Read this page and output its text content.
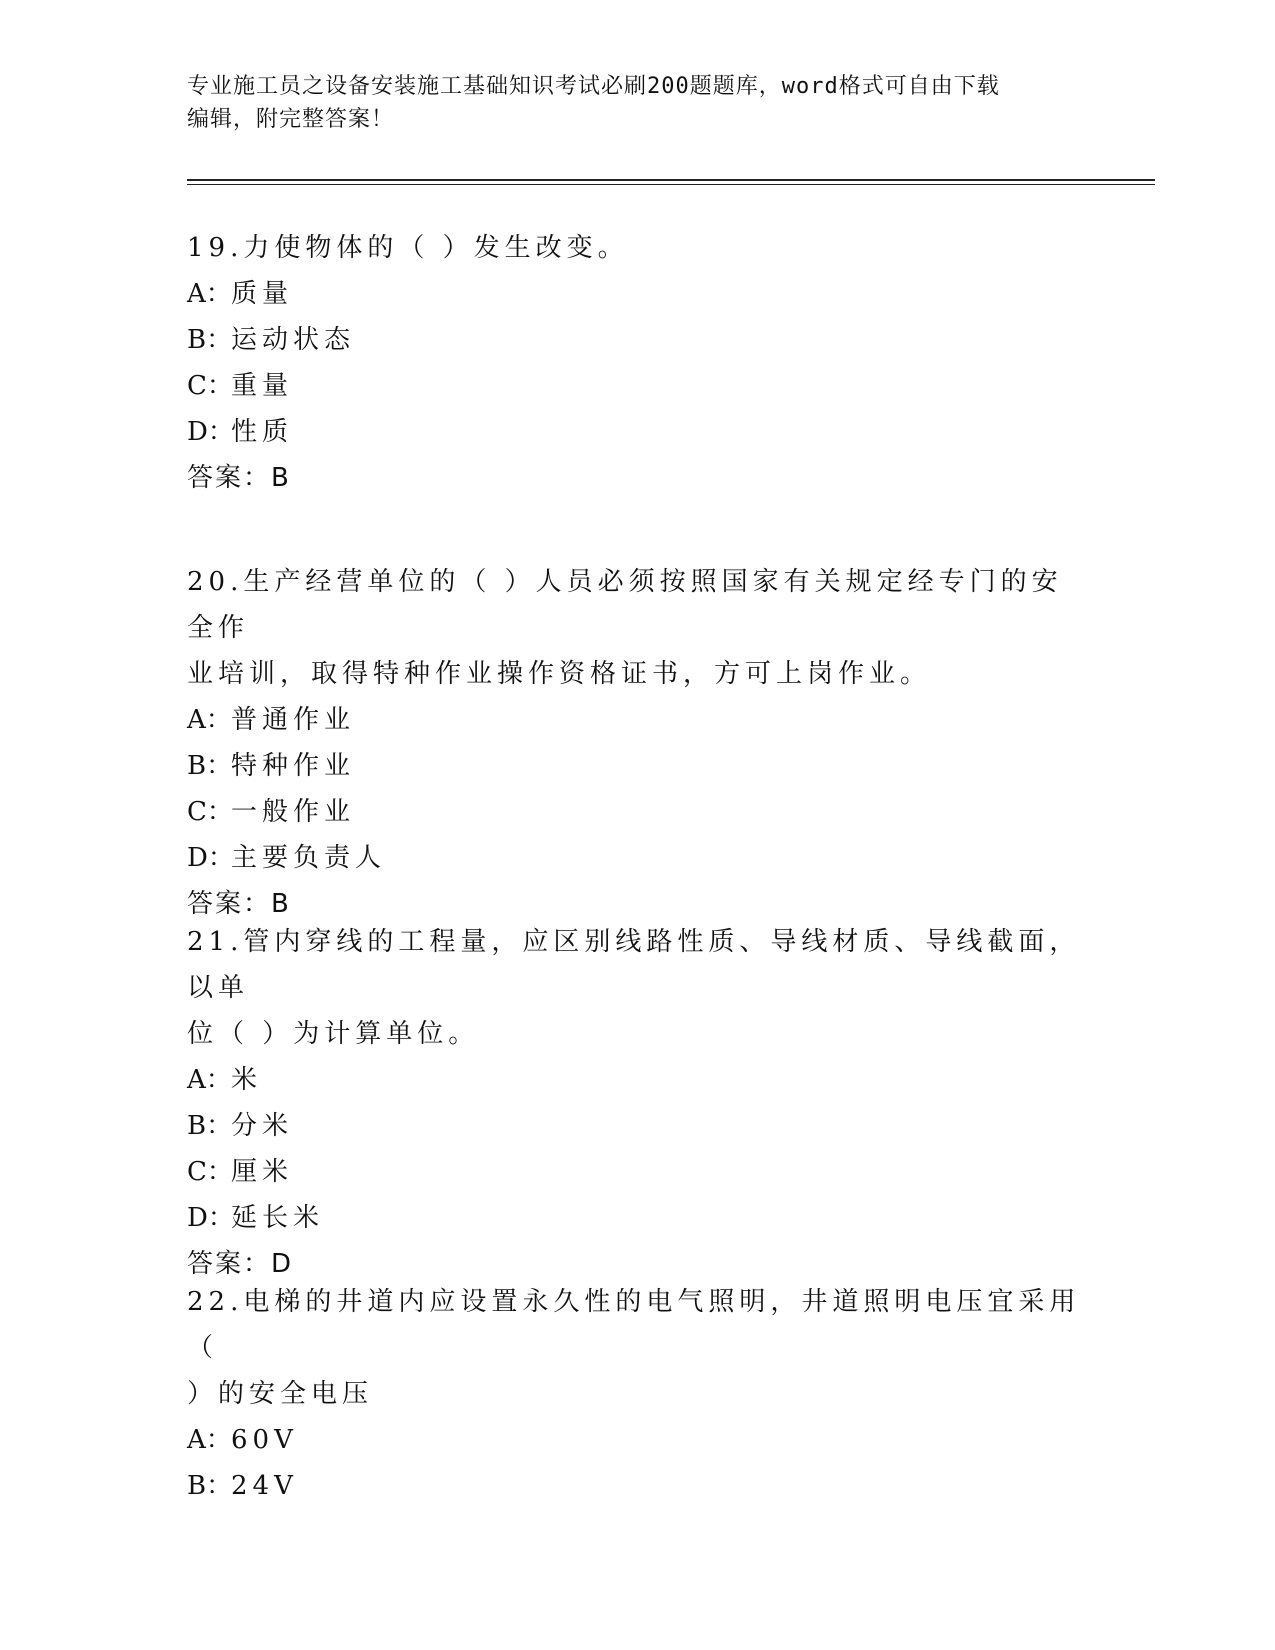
专业施工员之设备安装施工基础知识考试必刷200题题库，word格式可自由下载
编辑，附完整答案！

19.力使物体的（ ）发生改变。

A：质量

B：运动状态

C：重量

D：性质

答案：B

20.生产经营单位的（ ）人员必须按照国家有关规定经专门的安全作

业培训，取得特种作业操作资格证书，方可上岗作业。

A：普通作业

B：特种作业

C：一般作业

D：主要负责人

答案：B

21.管内穿线的工程量，应区别线路性质、导线材质、导线截面，以单

位（ ）为计算单位。

A：米

B：分米

C：厘米

D：延长米

答案：D

22.电梯的井道内应设置永久性的电气照明，井道照明电压宜采用（

）的安全电压

A：60V

B：24V
